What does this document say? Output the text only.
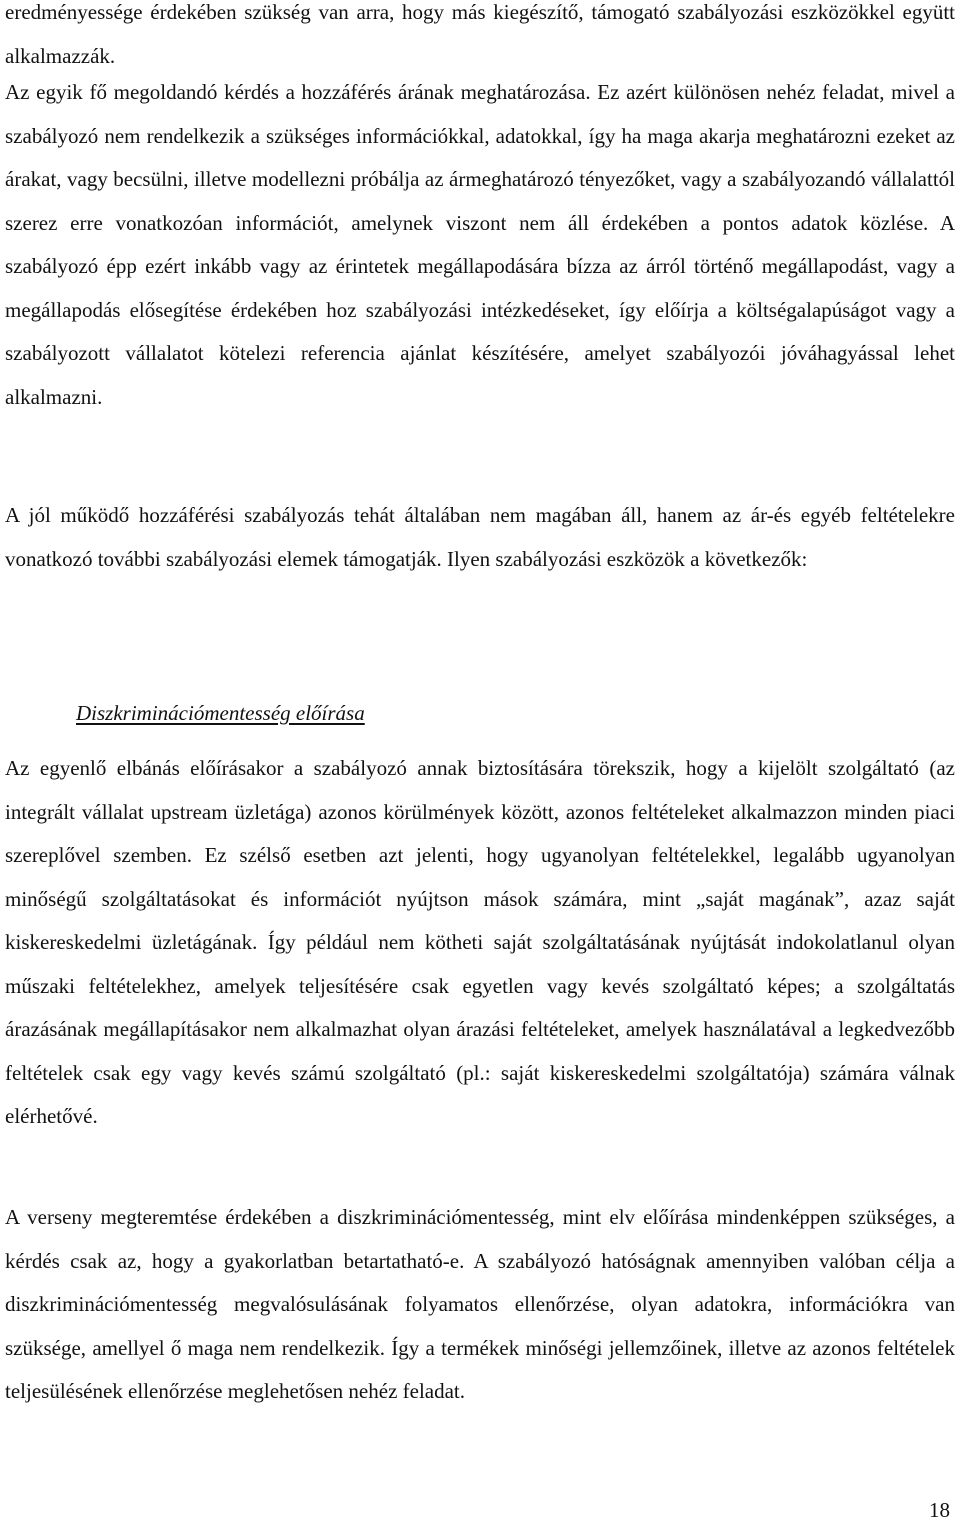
eredményessége érdekében szükség van arra, hogy más kiegészítő, támogató szabályozási eszközökkel együtt alkalmazzák.

Az egyik fő megoldandó kérdés a hozzáférés árának meghatározása. Ez azért különösen nehéz feladat, mivel a szabályozó nem rendelkezik a szükséges információkkal, adatokkal, így ha maga akarja meghatározni ezeket az árakat, vagy becsülni, illetve modellezni próbálja az ármeghatározó tényezőket, vagy a szabályozandó vállalattól szerez erre vonatkozóan információt, amelynek viszont nem áll érdekében a pontos adatok közlése. A szabályozó épp ezért inkább vagy az érintetek megállapodására bízza az árról történő megállapodást, vagy a megállapodás elősegítése érdekében hoz szabályozási intézkedéseket, így előírja a költségalapúságot vagy a szabályozott vállalatot kötelezi referencia ajánlat készítésére, amelyet szabályozói jóváhagyással lehet alkalmazni.

A jól működő hozzáférési szabályozás tehát általában nem magában áll, hanem az ár-és egyéb feltételekre vonatkozó további szabályozási elemek támogatják. Ilyen szabályozási eszközök a következők:

Diszkriminációmentesség előírása

Az egyenlő elbánás előírásakor a szabályozó annak biztosítására törekszik, hogy a kijelölt szolgáltató (az integrált vállalat upstream üzletága) azonos körülmények között, azonos feltételeket alkalmazzon minden piaci szereplővel szemben. Ez szélső esetben azt jelenti, hogy ugyanolyan feltételekkel, legalább ugyanolyan minőségű szolgáltatásokat és információt nyújtson mások számára, mint „saját magának”, azaz saját kiskereskedelmi üzletágának. Így például nem kötheti saját szolgáltatásának nyújtását indokolatlanul olyan műszaki feltételekhez, amelyek teljesítésére csak egyetlen vagy kevés szolgáltató képes; a szolgáltatás árazásának megállapításakor nem alkalmazhat olyan árazási feltételeket, amelyek használatával a legkedvezőbb feltételek csak egy vagy kevés számú szolgáltató (pl.: saját kiskereskedelmi szolgáltatója) számára válnak elérhetővé.

A verseny megteremtése érdekében a diszkriminációmentesség, mint elv előírása mindenképpen szükséges, a kérdés csak az, hogy a gyakorlatban betartatható-e. A szabályozó hatóságnak amennyiben valóban célja a diszkriminációmentesség megvalósulásának folyamatos ellenőrzése, olyan adatokra, információkra van szüksége, amellyel ő maga nem rendelkezik. Így a termékek minőségi jellemzőinek, illetve az azonos feltételek teljesülésének ellenőrzése meglehetősen nehéz feladat.

18
